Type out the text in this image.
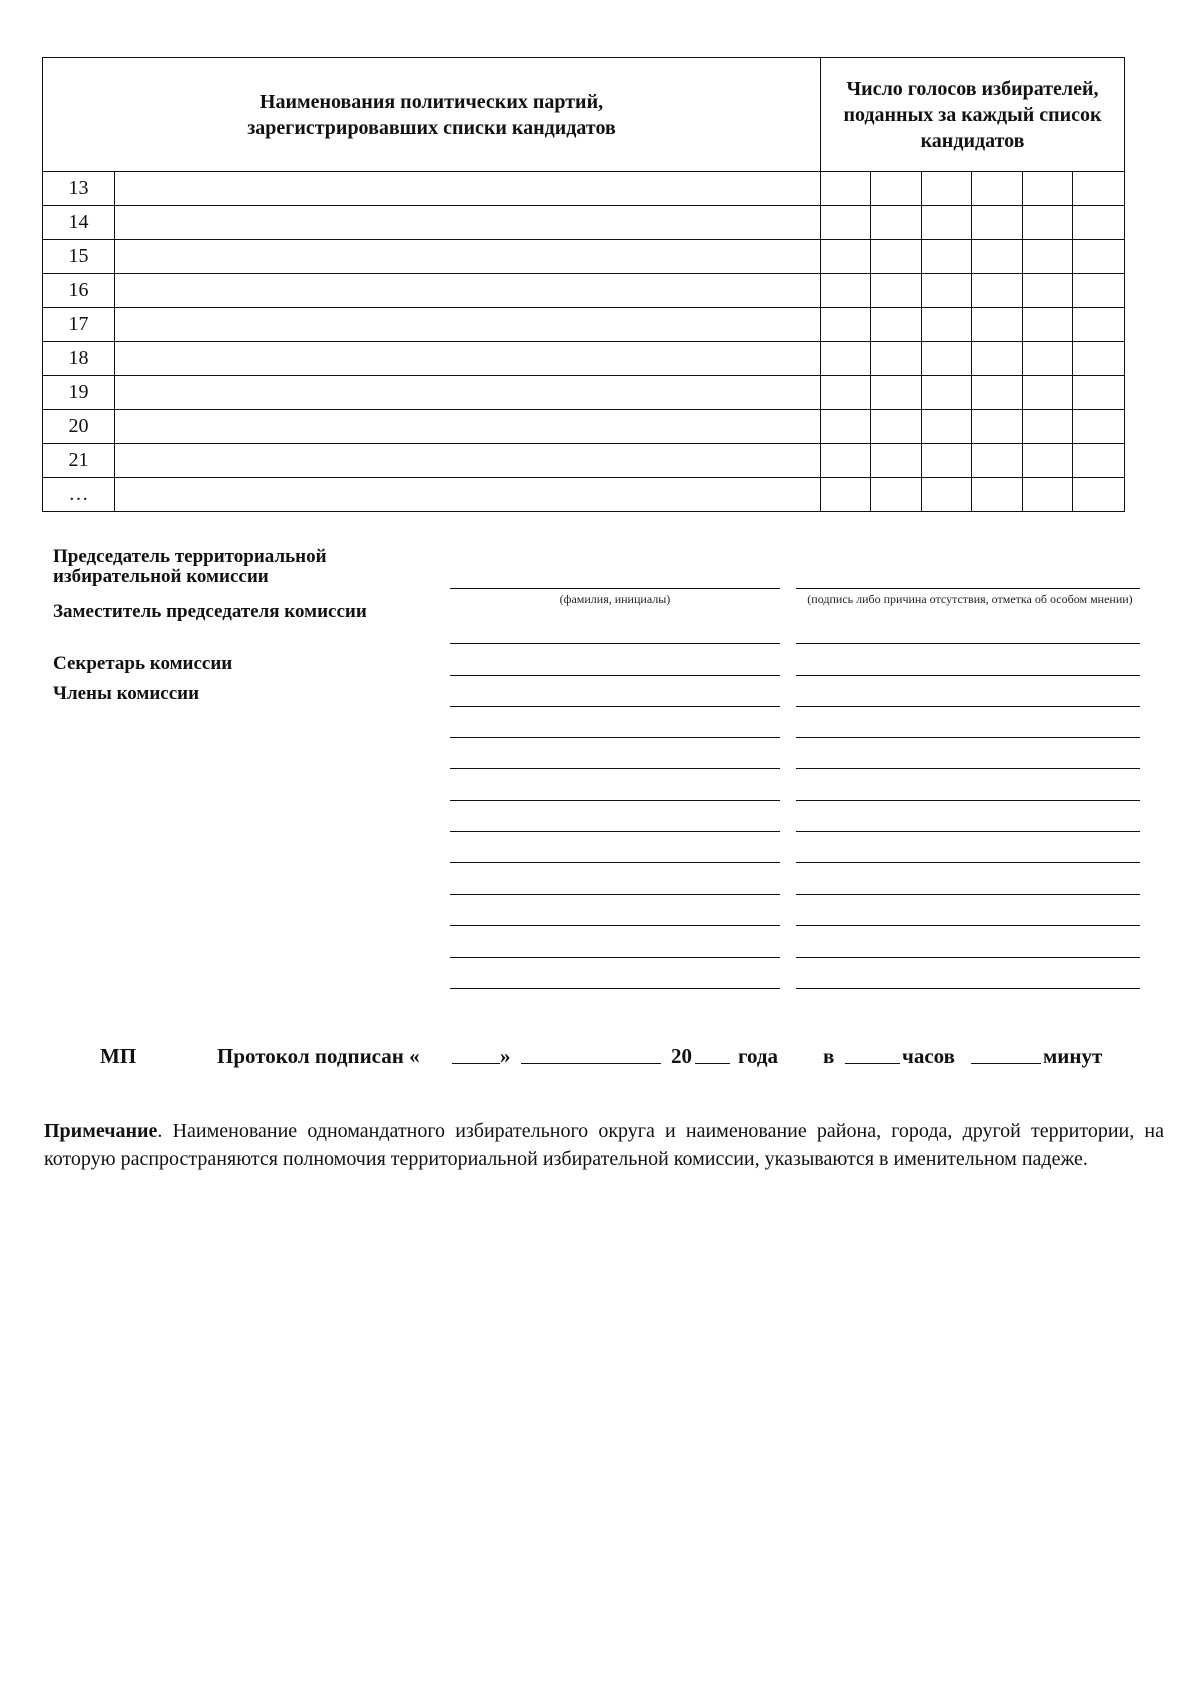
Наименования политических партий, зарегистрировавших списки кандидатов		Число голосов избирателей, поданных за каждый список кандидатов					

13							
14							
15							
16							
17							
18							
19							
20							
21							
…							
Председатель территориальной избирательной комиссии
Заместитель председателя комиссии
Секретарь комиссии
Члены комиссии
(фамилия, инициалы)	(подпись либо причина отсутствия, отметка об особом мнении)
МП	Протокол подписан «	»	20 года в	часов	минут
Примечание. Наименование одномандатного избирательного округа и наименование района, города, другой территории, на которую распространяются полномочия территориальной избирательной комиссии, указываются в именительном падеже.
